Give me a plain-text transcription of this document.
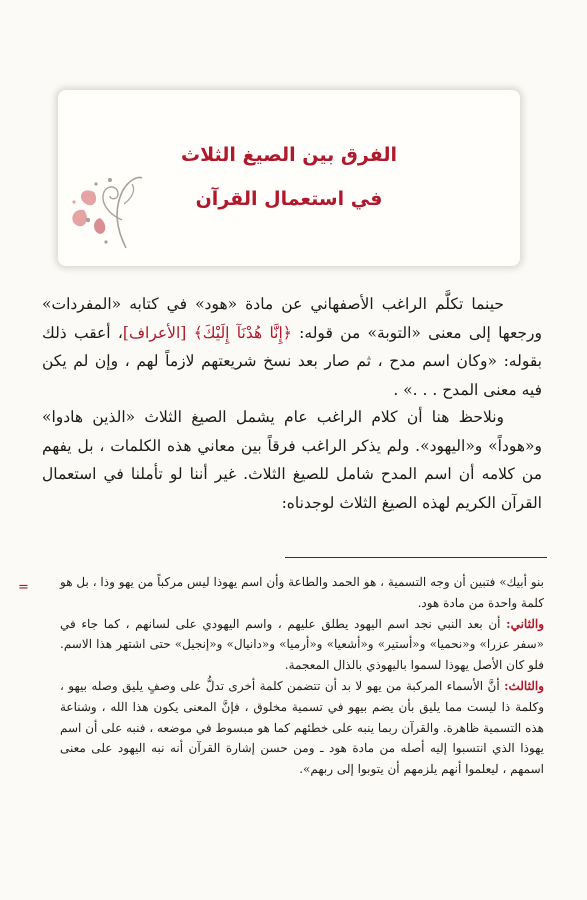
الفرق بين الصيغ الثلاث
في استعمال القرآن
حينما تكلَّم الراغب الأصفهاني عن مادة «هود» في كتابه «المفردات» ورجعها إلى معنى «التوبة» من قوله: ﴿إِنَّا هُدْنَآ إِلَيْكَ﴾ [الأعراف]، أعقب ذلك بقوله: «وكان اسم مدح ، ثم صار بعد نسخ شريعتهم لازماً لهم ، وإن لم يكن فيه معنى المدح . . .» .
ونلاحظ هنا أن كلام الراغب عام يشمل الصيغ الثلاث «الذين هادوا» و«هوداً» و«اليهود». ولم يذكر الراغب فرقاً بين معاني هذه الكلمات ، بل يفهم من كلامه أن اسم المدح شامل للصيغ الثلاث. غير أننا لو تأملنا في استعمال القرآن الكريم لهذه الصيغ الثلاث لوجدناه:
=	بنو أبيك» فتبين أن وجه التسمية ، هو الحمد والطاعة وأن اسم يهوذا ليس مركباً من يهو وذا ، بل هو كلمة واحدة من مادة هود.

والثاني: أن بعد النبي نجد اسم اليهود يطلق عليهم ، واسم اليهودي على لسانهم ، كما جاء في «سفر عزرا» و«نحميا» و«أستير» و«أشعيا» و«أرميا» و«دانيال» و«إنجيل» حتى اشتهر هذا الاسم. فلو كان الأصل يهوذا لسموا باليهوذي بالذال المعجمة.

والثالث: أنَّ الأسماء المركبة من يهو لا بد أن تتضمن كلمة أخرى تدلُّ على وصفٍ يليق وصله بيهو ، وكلمة ذا ليست مما يليق بأن يضم بيهو في تسمية مخلوق ، فإنَّ المعنى يكون هذا الله ، وشناعة هذه التسمية ظاهرة. والقرآن ربما ينبه على خطئهم كما هو مبسوط في موضعه ، فنبه على أن اسم يهوذا الذي انتسبوا إليه أصله من مادة هود ـ ومن حسن إشارة القرآن أنه نبه اليهود على معنى اسمهم ، ليعلموا أنهم يلزمهم أن يتوبوا إلى ربهم».
